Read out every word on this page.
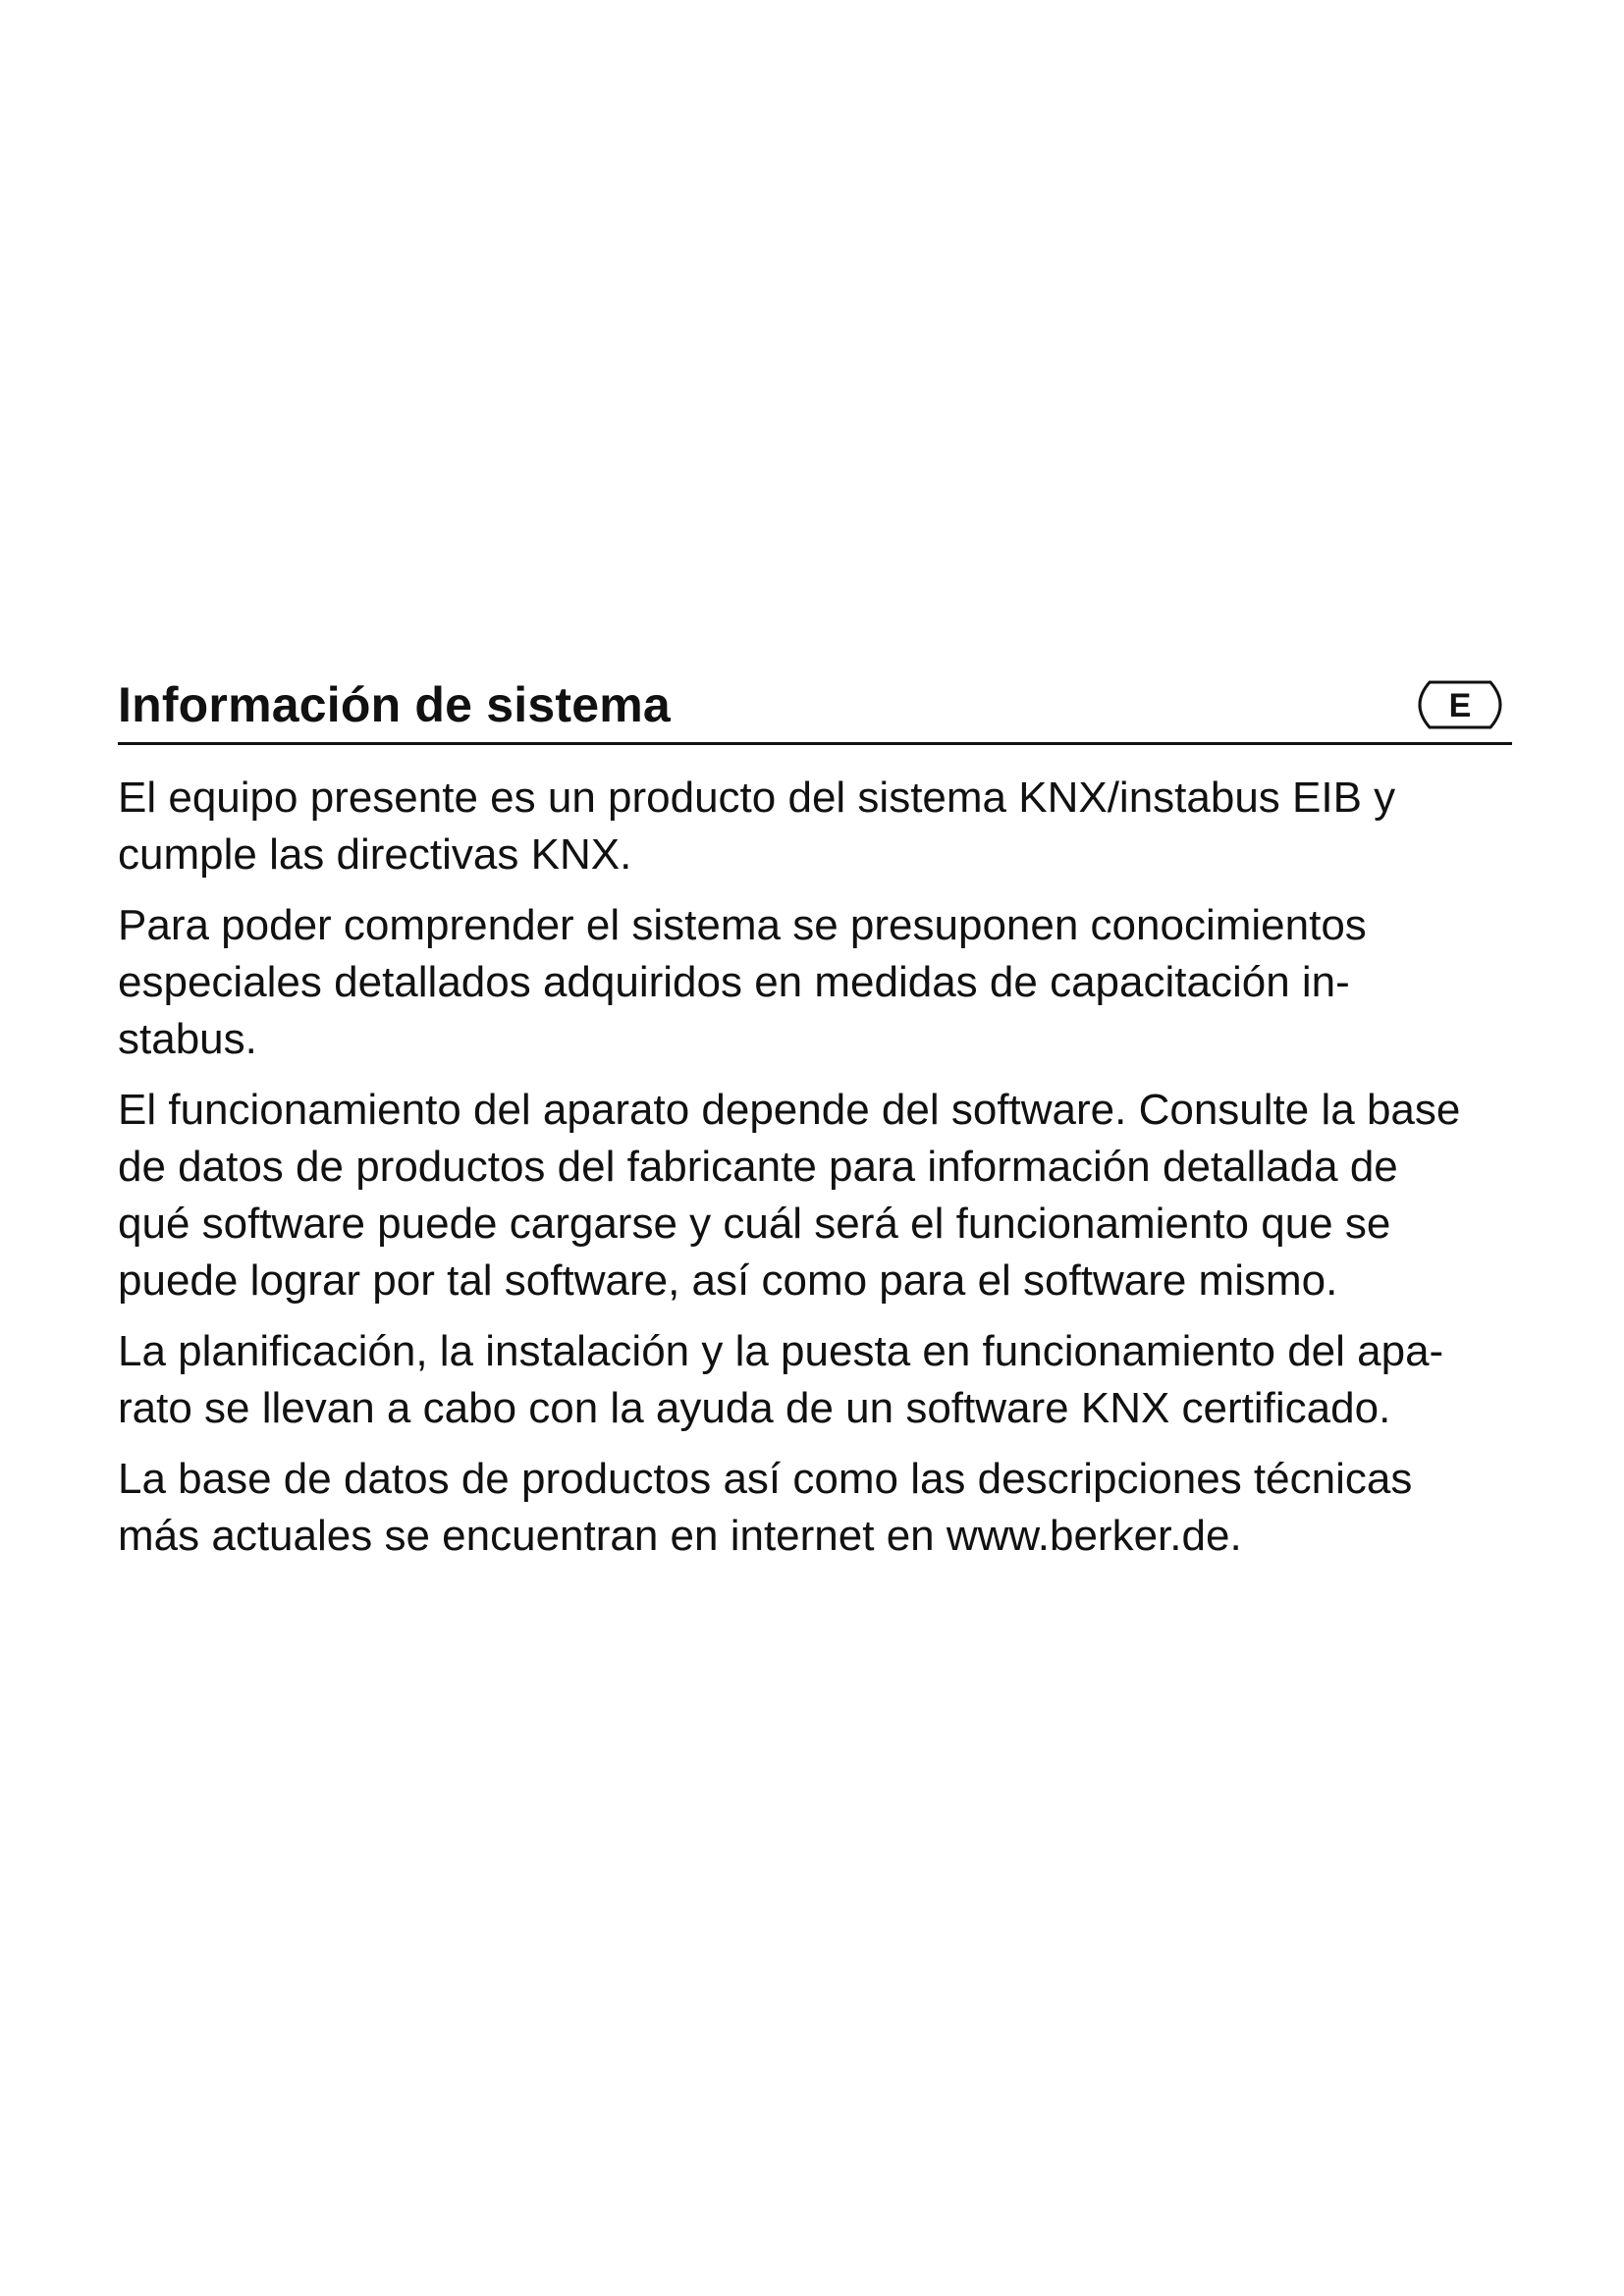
Información de sistema	E

El equipo presente es un producto del sistema KNX/instabus EIB y
cumple las directivas KNX.

Para poder comprender el sistema se presuponen conocimientos
especiales detallados adquiridos en medidas de capacitación in-
stabus.

El funcionamiento del aparato depende del software. Consulte la base
de datos de productos del fabricante para información detallada de
qué software puede cargarse y cuál será el funcionamiento que se
puede lograr por tal software, así como para el software mismo.

La planificación, la instalación y la puesta en funcionamiento del apa-
rato se llevan a cabo con la ayuda de un software KNX certificado.

La base de datos de productos así como las descripciones técnicas
más actuales se encuentran en internet en www.berker.de.
